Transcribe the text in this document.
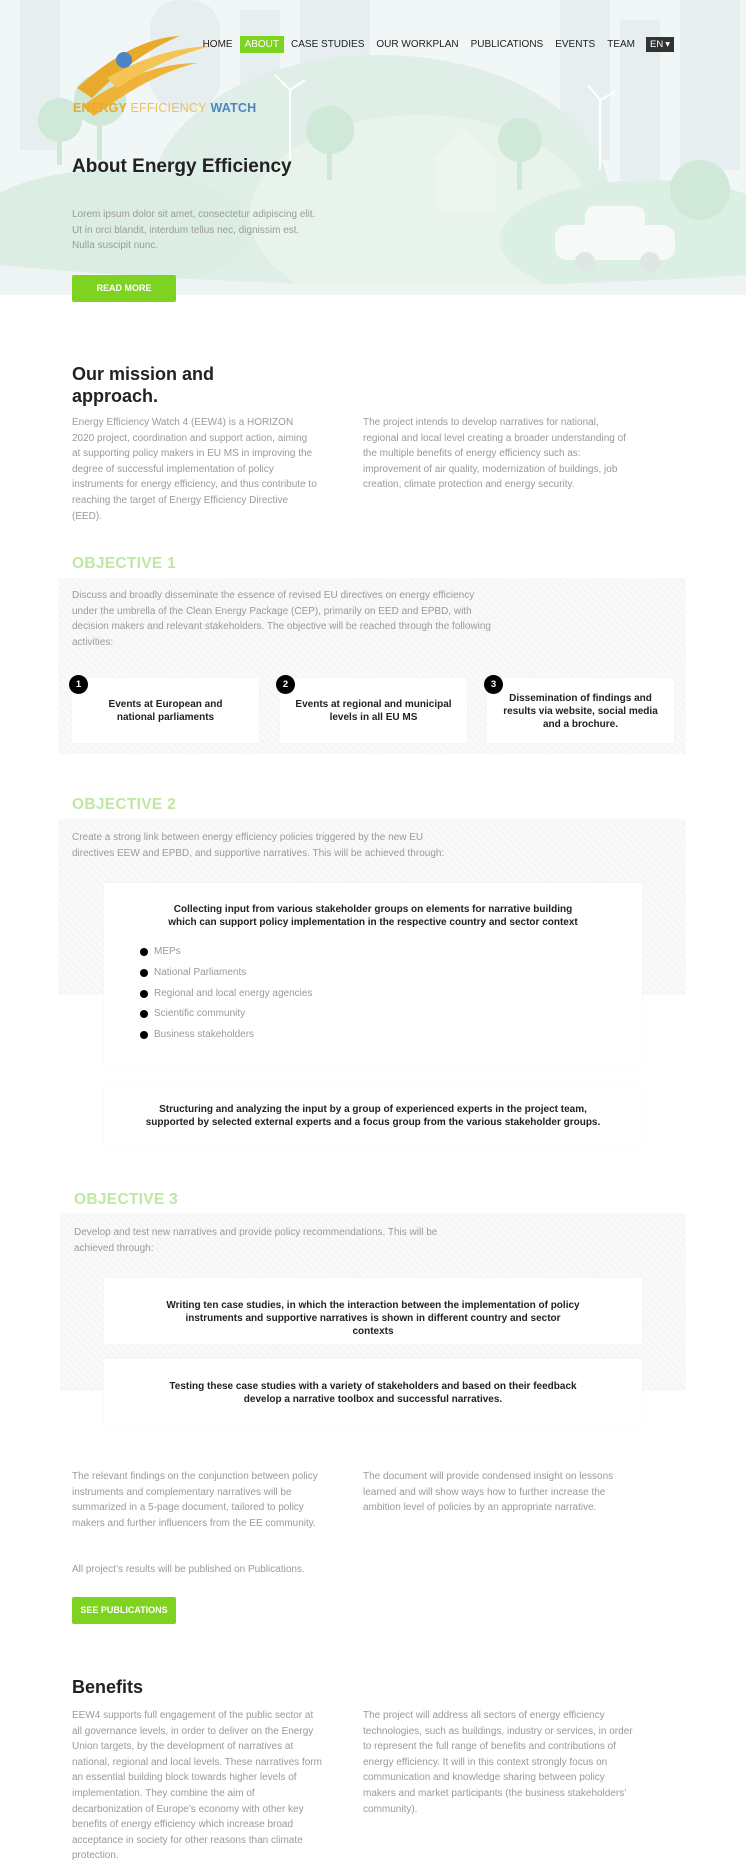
ENERGY EFFICIENCY WATCH
HOME	ABOUT	CASE STUDIES	OUR WORKPLAN	PUBLICATIONS	EVENTS	TEAM	EN ▾
About Energy Efficiency
Lorem ipsum dolor sit amet, consectetur adipiscing elit. Ut in orci blandit, interdum tellus nec, dignissim est. Nulla suscipit nunc.
READ MORE
Our mission and approach.
Energy Efficiency Watch 4 (EEW4) is a HORIZON 2020 project, coordination and support action, aiming at supporting policy makers in EU MS in improving the degree of successful implementation of policy instruments for energy efficiency, and thus contribute to reaching the target of Energy Efficiency Directive (EED).
The project intends to develop narratives for national, regional and local level creating a broader understanding of the multiple benefits of energy efficiency such as: improvement of air quality, modernization of buildings, job creation, climate protection and energy security.
OBJECTIVE 1
Discuss and broadly disseminate the essence of revised EU directives on energy efficiency under the umbrella of the Clean Energy Package (CEP), primarily on EED and EPBD, with decision makers and relevant stakeholders. The objective will be reached through the following activities:
Events at European and national parliaments
1
Events at regional and municipal levels in all EU MS
2
Dissemination of findings and results via website, social media and a brochure.
3
OBJECTIVE 2
Create a strong link between energy efficiency policies triggered by the new EU directives EEW and EPBD, and supportive narratives. This will be achieved through:
Collecting input from various stakeholder groups on elements for narrative building which can support policy implementation in the respective country and sector context
MEPs
National Parliaments
Regional and local energy agencies
Scientific community
Business stakeholders
Structuring and analyzing the input by a group of experienced experts in the project team, supported by selected external experts and a focus group from the various stakeholder groups.
OBJECTIVE 3
Develop and test new narratives and provide policy recommendations. This will be achieved through:
Writing ten case studies, in which the interaction between the implementation of policy instruments and supportive narratives is shown in different country and sector contexts
Testing these case studies with a variety of stakeholders and based on their feedback develop a narrative toolbox and successful narratives.
The relevant findings on the conjunction between policy instruments and complementary narratives will be summarized in a 5-page document, tailored to policy makers and further influencers from the EE community.
All project’s results will be published on Publications.
The document will provide condensed insight on lessons learned and will show ways how to further increase the ambition level of policies by an appropriate narrative.
SEE PUBLICATIONS
Benefits
EEW4 supports full engagement of the public sector at all governance levels, in order to deliver on the Energy Union targets, by the development of narratives at national, regional and local levels. These narratives form an essential building block towards higher levels of implementation. They combine the aim of decarbonization of Europe’s economy with other key benefits of energy efficiency which increase broad acceptance in society for other reasons than climate protection.
The project will address all sectors of energy efficiency technologies, such as buildings, industry or services, in order to represent the full range of benefits and contributions of energy efficiency. It will in this context strongly focus on communication and knowledge sharing between policy makers and market participants (the business stakeholders’ community).
